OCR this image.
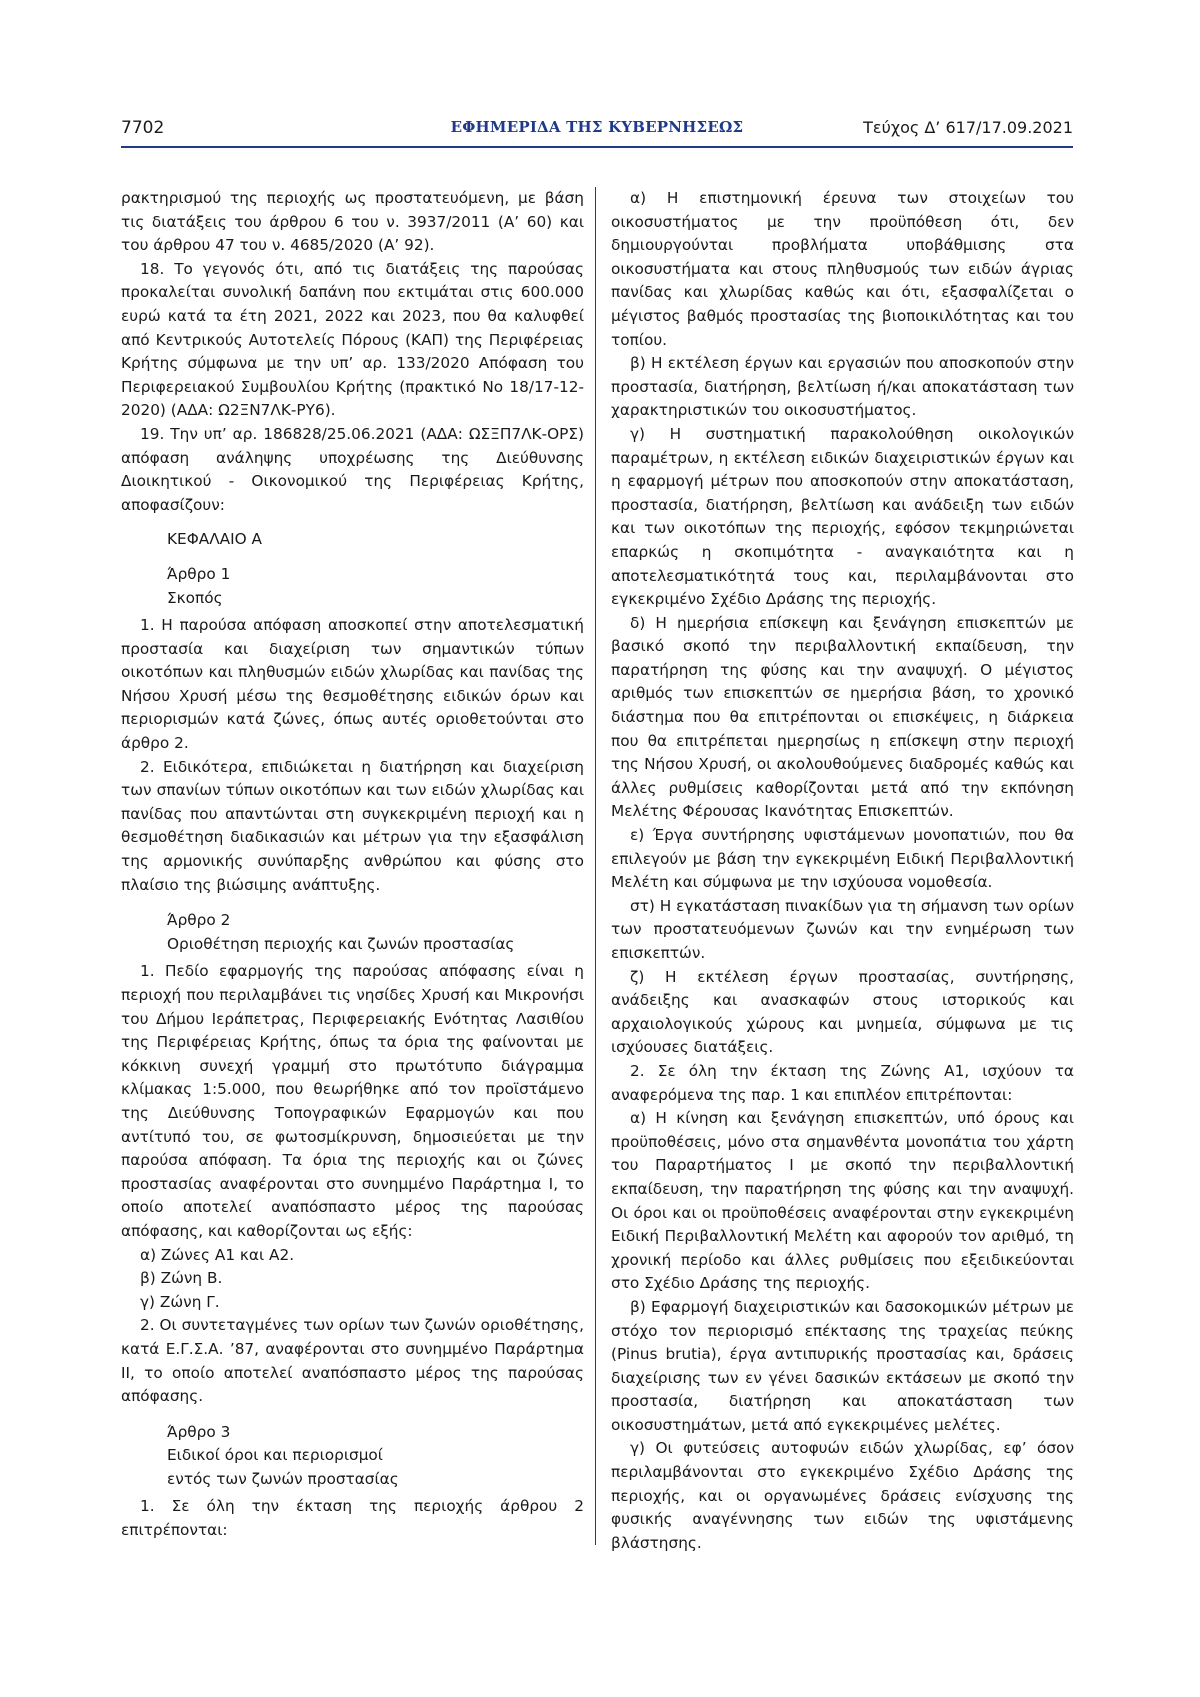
7702	ΕΦΗΜΕΡΙΔΑ ΤΗΣ ΚΥΒΕΡΝΗΣΕΩΣ	Τεύχος Δ’ 617/17.09.2021

ρακτηρισμού της περιοχής ως προστατευόμενη, με βάση τις διατάξεις του άρθρου 6 του ν. 3937/2011 (Α’ 60) και του άρθρου 47 του ν. 4685/2020 (Α’ 92).

18. Το γεγονός ότι, από τις διατάξεις της παρούσας προκαλείται συνολική δαπάνη που εκτιμάται στις 600.000 ευρώ κατά τα έτη 2021, 2022 και 2023, που θα καλυφθεί από Κεντρικούς Αυτοτελείς Πόρους (ΚΑΠ) της Περιφέρειας Κρήτης σύμφωνα με την υπ’ αρ. 133/2020 Απόφαση του Περιφερειακού Συμβουλίου Κρήτης (πρακτικό Νο 18/17-12-2020) (ΑΔΑ: Ω2ΞΝ7ΛΚ-ΡΥ6).

19. Την υπ’ αρ. 186828/25.06.2021 (ΑΔΑ: ΩΣΞΠ7ΛΚ-ΟΡΣ) απόφαση ανάληψης υποχρέωσης της Διεύθυνσης Διοικητικού - Οικονομικού της Περιφέρειας Κρήτης, αποφασίζουν:

ΚΕΦΑΛΑΙΟ Α

Άρθρο 1

Σκοπός

1. Η παρούσα απόφαση αποσκοπεί στην αποτελεσματική προστασία και διαχείριση των σημαντικών τύπων οικοτόπων και πληθυσμών ειδών χλωρίδας και πανίδας της Νήσου Χρυσή μέσω της θεσμοθέτησης ειδικών όρων και περιορισμών κατά ζώνες, όπως αυτές οριοθετούνται στο άρθρο 2.

2. Ειδικότερα, επιδιώκεται η διατήρηση και διαχείριση των σπανίων τύπων οικοτόπων και των ειδών χλωρίδας και πανίδας που απαντώνται στη συγκεκριμένη περιοχή και η θεσμοθέτηση διαδικασιών και μέτρων για την εξασφάλιση της αρμονικής συνύπαρξης ανθρώπου και φύσης στο πλαίσιο της βιώσιμης ανάπτυξης.

Άρθρο 2

Οριοθέτηση περιοχής και ζωνών προστασίας

1. Πεδίο εφαρμογής της παρούσας απόφασης είναι η περιοχή που περιλαμβάνει τις νησίδες Χρυσή και Μικρονήσι του Δήμου Ιεράπετρας, Περιφερειακής Ενότητας Λασιθίου της Περιφέρειας Κρήτης, όπως τα όρια της φαίνονται με κόκκινη συνεχή γραμμή στο πρωτότυπο διάγραμμα κλίμακας 1:5.000, που θεωρήθηκε από τον προϊστάμενο της Διεύθυνσης Τοπογραφικών Εφαρμογών και που αντίτυπό του, σε φωτοσμίκρυνση, δημοσιεύεται με την παρούσα απόφαση. Τα όρια της περιοχής και οι ζώνες προστασίας αναφέρονται στο συνημμένο Παράρτημα Ι, το οποίο αποτελεί αναπόσπαστο μέρος της παρούσας απόφασης, και καθορίζονται ως εξής:

α) Ζώνες Α1 και Α2.

β) Ζώνη Β.

γ) Ζώνη Γ.

2. Οι συντεταγμένες των ορίων των ζωνών οριοθέτησης, κατά Ε.Γ.Σ.Α. ’87, αναφέρονται στο συνημμένο Παράρτημα ΙΙ, το οποίο αποτελεί αναπόσπαστο μέρος της παρούσας απόφασης.

Άρθρο 3

Ειδικοί όροι και περιορισμοί

εντός των ζωνών προστασίας

1. Σε όλη την έκταση της περιοχής άρθρου 2 επιτρέπονται:

α) Η επιστημονική έρευνα των στοιχείων του οικοσυστήματος με την προϋπόθεση ότι, δεν δημιουργούνται προβλήματα υποβάθμισης στα οικοσυστήματα και στους πληθυσμούς των ειδών άγριας πανίδας και χλωρίδας καθώς και ότι, εξασφαλίζεται ο μέγιστος βαθμός προστασίας της βιοποικιλότητας και του τοπίου.

β) Η εκτέλεση έργων και εργασιών που αποσκοπούν στην προστασία, διατήρηση, βελτίωση ή/και αποκατάσταση των χαρακτηριστικών του οικοσυστήματος.

γ) Η συστηματική παρακολούθηση οικολογικών παραμέτρων, η εκτέλεση ειδικών διαχειριστικών έργων και η εφαρμογή μέτρων που αποσκοπούν στην αποκατάσταση, προστασία, διατήρηση, βελτίωση και ανάδειξη των ειδών και των οικοτόπων της περιοχής, εφόσον τεκμηριώνεται επαρκώς η σκοπιμότητα - αναγκαιότητα και η αποτελεσματικότητά τους και, περιλαμβάνονται στο εγκεκριμένο Σχέδιο Δράσης της περιοχής.

δ) Η ημερήσια επίσκεψη και ξενάγηση επισκεπτών με βασικό σκοπό την περιβαλλοντική εκπαίδευση, την παρατήρηση της φύσης και την αναψυχή. Ο μέγιστος αριθμός των επισκεπτών σε ημερήσια βάση, το χρονικό διάστημα που θα επιτρέπονται οι επισκέψεις, η διάρκεια που θα επιτρέπεται ημερησίως η επίσκεψη στην περιοχή της Νήσου Χρυσή, οι ακολουθούμενες διαδρομές καθώς και άλλες ρυθμίσεις καθορίζονται μετά από την εκπόνηση Μελέτης Φέρουσας Ικανότητας Επισκεπτών.

ε) Έργα συντήρησης υφιστάμενων μονοπατιών, που θα επιλεγούν με βάση την εγκεκριμένη Ειδική Περιβαλλοντική Μελέτη και σύμφωνα με την ισχύουσα νομοθεσία.

στ) Η εγκατάσταση πινακίδων για τη σήμανση των ορίων των προστατευόμενων ζωνών και την ενημέρωση των επισκεπτών.

ζ) Η εκτέλεση έργων προστασίας, συντήρησης, ανάδειξης και ανασκαφών στους ιστορικούς και αρχαιολογικούς χώρους και μνημεία, σύμφωνα με τις ισχύουσες διατάξεις.

2. Σε όλη την έκταση της Ζώνης Α1, ισχύουν τα αναφερόμενα της παρ. 1 και επιπλέον επιτρέπονται:

α) Η κίνηση και ξενάγηση επισκεπτών, υπό όρους και προϋποθέσεις, μόνο στα σημανθέντα μονοπάτια του χάρτη του Παραρτήματος Ι με σκοπό την περιβαλλοντική εκπαίδευση, την παρατήρηση της φύσης και την αναψυχή. Οι όροι και οι προϋποθέσεις αναφέρονται στην εγκεκριμένη Ειδική Περιβαλλοντική Μελέτη και αφορούν τον αριθμό, τη χρονική περίοδο και άλλες ρυθμίσεις που εξειδικεύονται στο Σχέδιο Δράσης της περιοχής.

β) Εφαρμογή διαχειριστικών και δασοκομικών μέτρων με στόχο τον περιορισμό επέκτασης της τραχείας πεύκης (Pinus brutia), έργα αντιπυρικής προστασίας και, δράσεις διαχείρισης των εν γένει δασικών εκτάσεων με σκοπό την προστασία, διατήρηση και αποκατάσταση των οικοσυστημάτων, μετά από εγκεκριμένες μελέτες.

γ) Οι φυτεύσεις αυτοφυών ειδών χλωρίδας, εφ’ όσον περιλαμβάνονται στο εγκεκριμένο Σχέδιο Δράσης της περιοχής, και οι οργανωμένες δράσεις ενίσχυσης της φυσικής αναγέννησης των ειδών της υφιστάμενης βλάστησης.
